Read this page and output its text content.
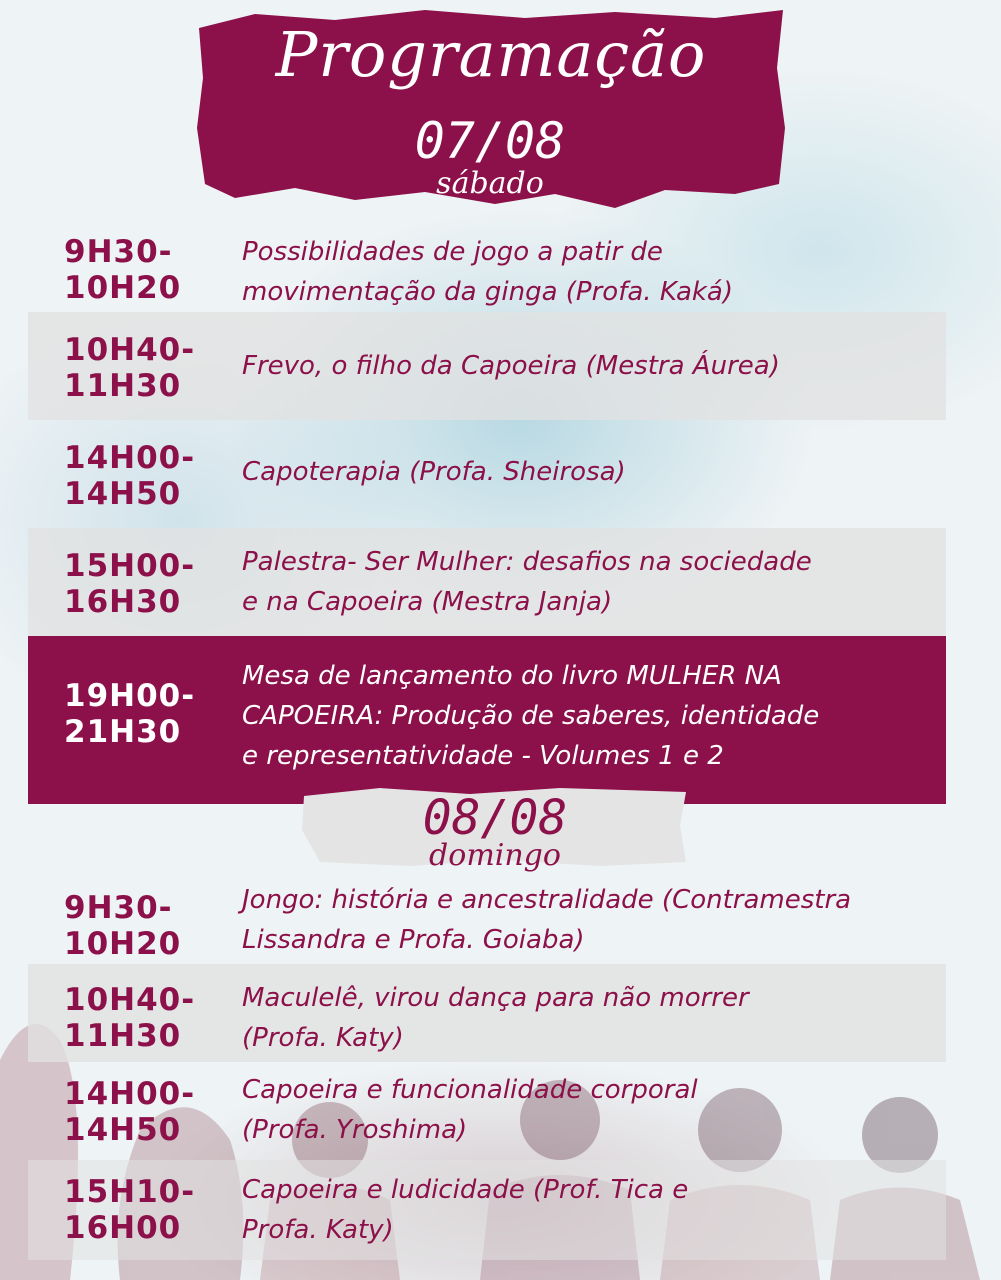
Programação
07/08
sábado
9H30-
10H20
Possibilidades de jogo a patir de
movimentação da ginga (Profa. Kaká)
10H40-
11H30
Frevo, o filho da Capoeira (Mestra Áurea)
14H00-
14H50
Capoterapia (Profa. Sheirosa)
15H00-
16H30
Palestra- Ser Mulher: desafios na sociedade
e na Capoeira (Mestra Janja)
19H00-
21H30
Mesa de lançamento do livro MULHER NA
CAPOEIRA: Produção de saberes, identidade
e representatividade - Volumes 1 e 2
08/08
domingo
9H30-
10H20
Jongo: história e ancestralidade (Contramestra
Lissandra e Profa. Goiaba)
10H40-
11H30
Maculelê, virou dança para não morrer
(Profa. Katy)
14H00-
14H50
Capoeira e funcionalidade corporal
(Profa. Yroshima)
15H10-
16H00
Capoeira e ludicidade (Prof. Tica e
Profa. Katy)
